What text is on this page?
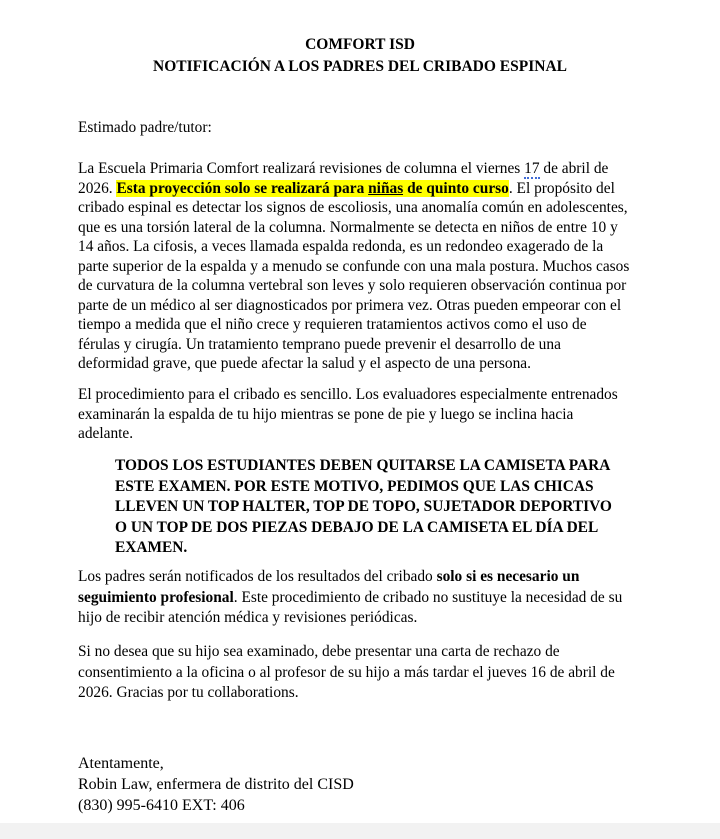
COMFORT ISD
NOTIFICACIÓN A LOS PADRES DEL CRIBADO ESPINAL
Estimado padre/tutor:
La Escuela Primaria Comfort realizará revisiones de columna el viernes 17 de abril de
2026. Esta proyección solo se realizará para niñas de quinto curso. El propósito del
cribado espinal es detectar los signos de escoliosis, una anomalía común en adolescentes,
que es una torsión lateral de la columna. Normalmente se detecta en niños de entre 10 y
14 años. La cifosis, a veces llamada espalda redonda, es un redondeo exagerado de la
parte superior de la espalda y a menudo se confunde con una mala postura. Muchos casos
de curvatura de la columna vertebral son leves y solo requieren observación continua por
parte de un médico al ser diagnosticados por primera vez. Otras pueden empeorar con el
tiempo a medida que el niño crece y requieren tratamientos activos como el uso de
férulas y cirugía. Un tratamiento temprano puede prevenir el desarrollo de una
deformidad grave, que puede afectar la salud y el aspecto de una persona.
El procedimiento para el cribado es sencillo. Los evaluadores especialmente entrenados
examinarán la espalda de tu hijo mientras se pone de pie y luego se inclina hacia
adelante.
TODOS LOS ESTUDIANTES DEBEN QUITARSE LA CAMISETA PARA
ESTE EXAMEN. POR ESTE MOTIVO, PEDIMOS QUE LAS CHICAS
LLEVEN UN TOP HALTER, TOP DE TOPO, SUJETADOR DEPORTIVO
O UN TOP DE DOS PIEZAS DEBAJO DE LA CAMISETA EL DÍA DEL
EXAMEN.
Los padres serán notificados de los resultados del cribado solo si es necesario un
seguimiento profesional. Este procedimiento de cribado no sustituye la necesidad de su
hijo de recibir atención médica y revisiones periódicas.
Si no desea que su hijo sea examinado, debe presentar una carta de rechazo de
consentimiento a la oficina o al profesor de su hijo a más tardar el jueves 16 de abril de
2026. Gracias por tu collaborations.
Atentamente,
Robin Law, enfermera de distrito del CISD
(830) 995-6410 EXT: 406
